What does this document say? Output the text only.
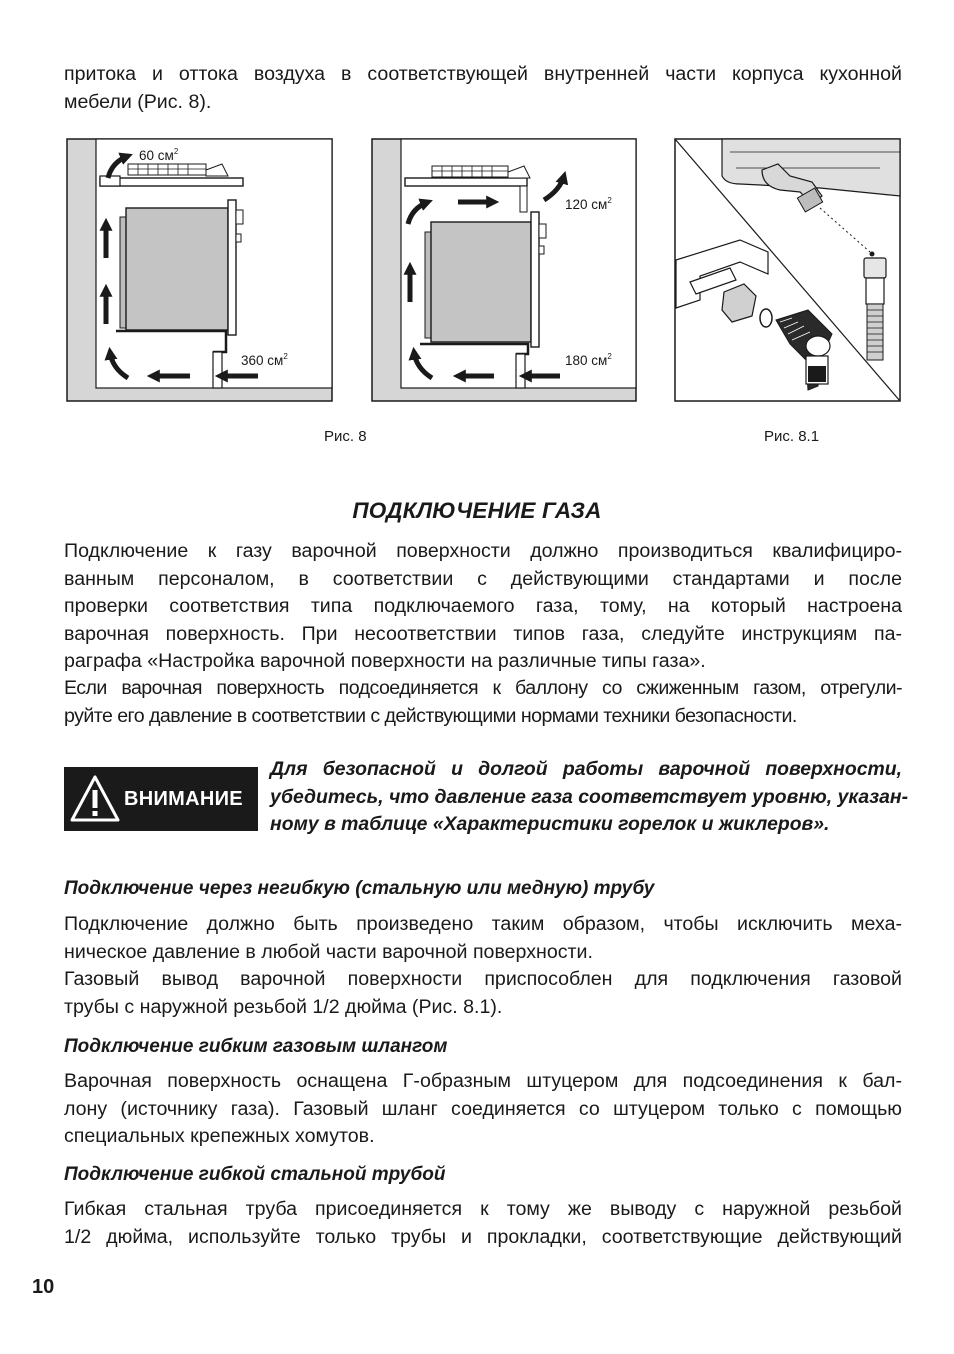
притока и оттока воздуха в соответствующей внутренней части корпуса кухонной
мебели (Рис. 8).
60 $см^2$
360 $см^2$
120 $см^2$
180 $см^2$
Рис. 8	Рис. 8.1
ПОДКЛЮЧЕНИЕ ГАЗА
Подключение к газу варочной поверхности должно производиться квалифициро-
ванным персоналом, в соответствии с действующими стандартами и после
проверки соответствия типа подключаемого газа, тому, на который настроена
варочная поверхность. При несоответствии типов газа, следуйте инструкциям па-
раграфа «Настройка варочной поверхности на различные типы газа».
Если варочная поверхность подсоединяется к баллону со сжиженным газом, отрегули-
руйте его давление в соответствии с действующими нормами техники безопасности.
ВНИМАНИЕ
Для безопасной и долгой работы варочной поверхности,
убедитесь, что давление газа соответствует уровню, указан-
ному в таблице «Характеристики горелок и жиклеров».
Подключение через негибкую (стальную или медную) трубу
Подключение должно быть произведено таким образом, чтобы исключить меха-
ническое давление в любой части варочной поверхности.
Газовый вывод варочной поверхности приспособлен для подключения газовой
трубы с наружной резьбой 1/2 дюйма (Рис. 8.1).
Подключение гибким газовым шлангом
Варочная поверхность оснащена Г-образным штуцером для подсоединения к бал-
лону (источнику газа). Газовый шланг соединяется со штуцером только с помощью
специальных крепежных хомутов.
Подключение гибкой стальной трубой
Гибкая стальная труба присоединяется к тому же выводу с наружной резьбой
1/2 дюйма, используйте только трубы и прокладки, соответствующие действующий
10
